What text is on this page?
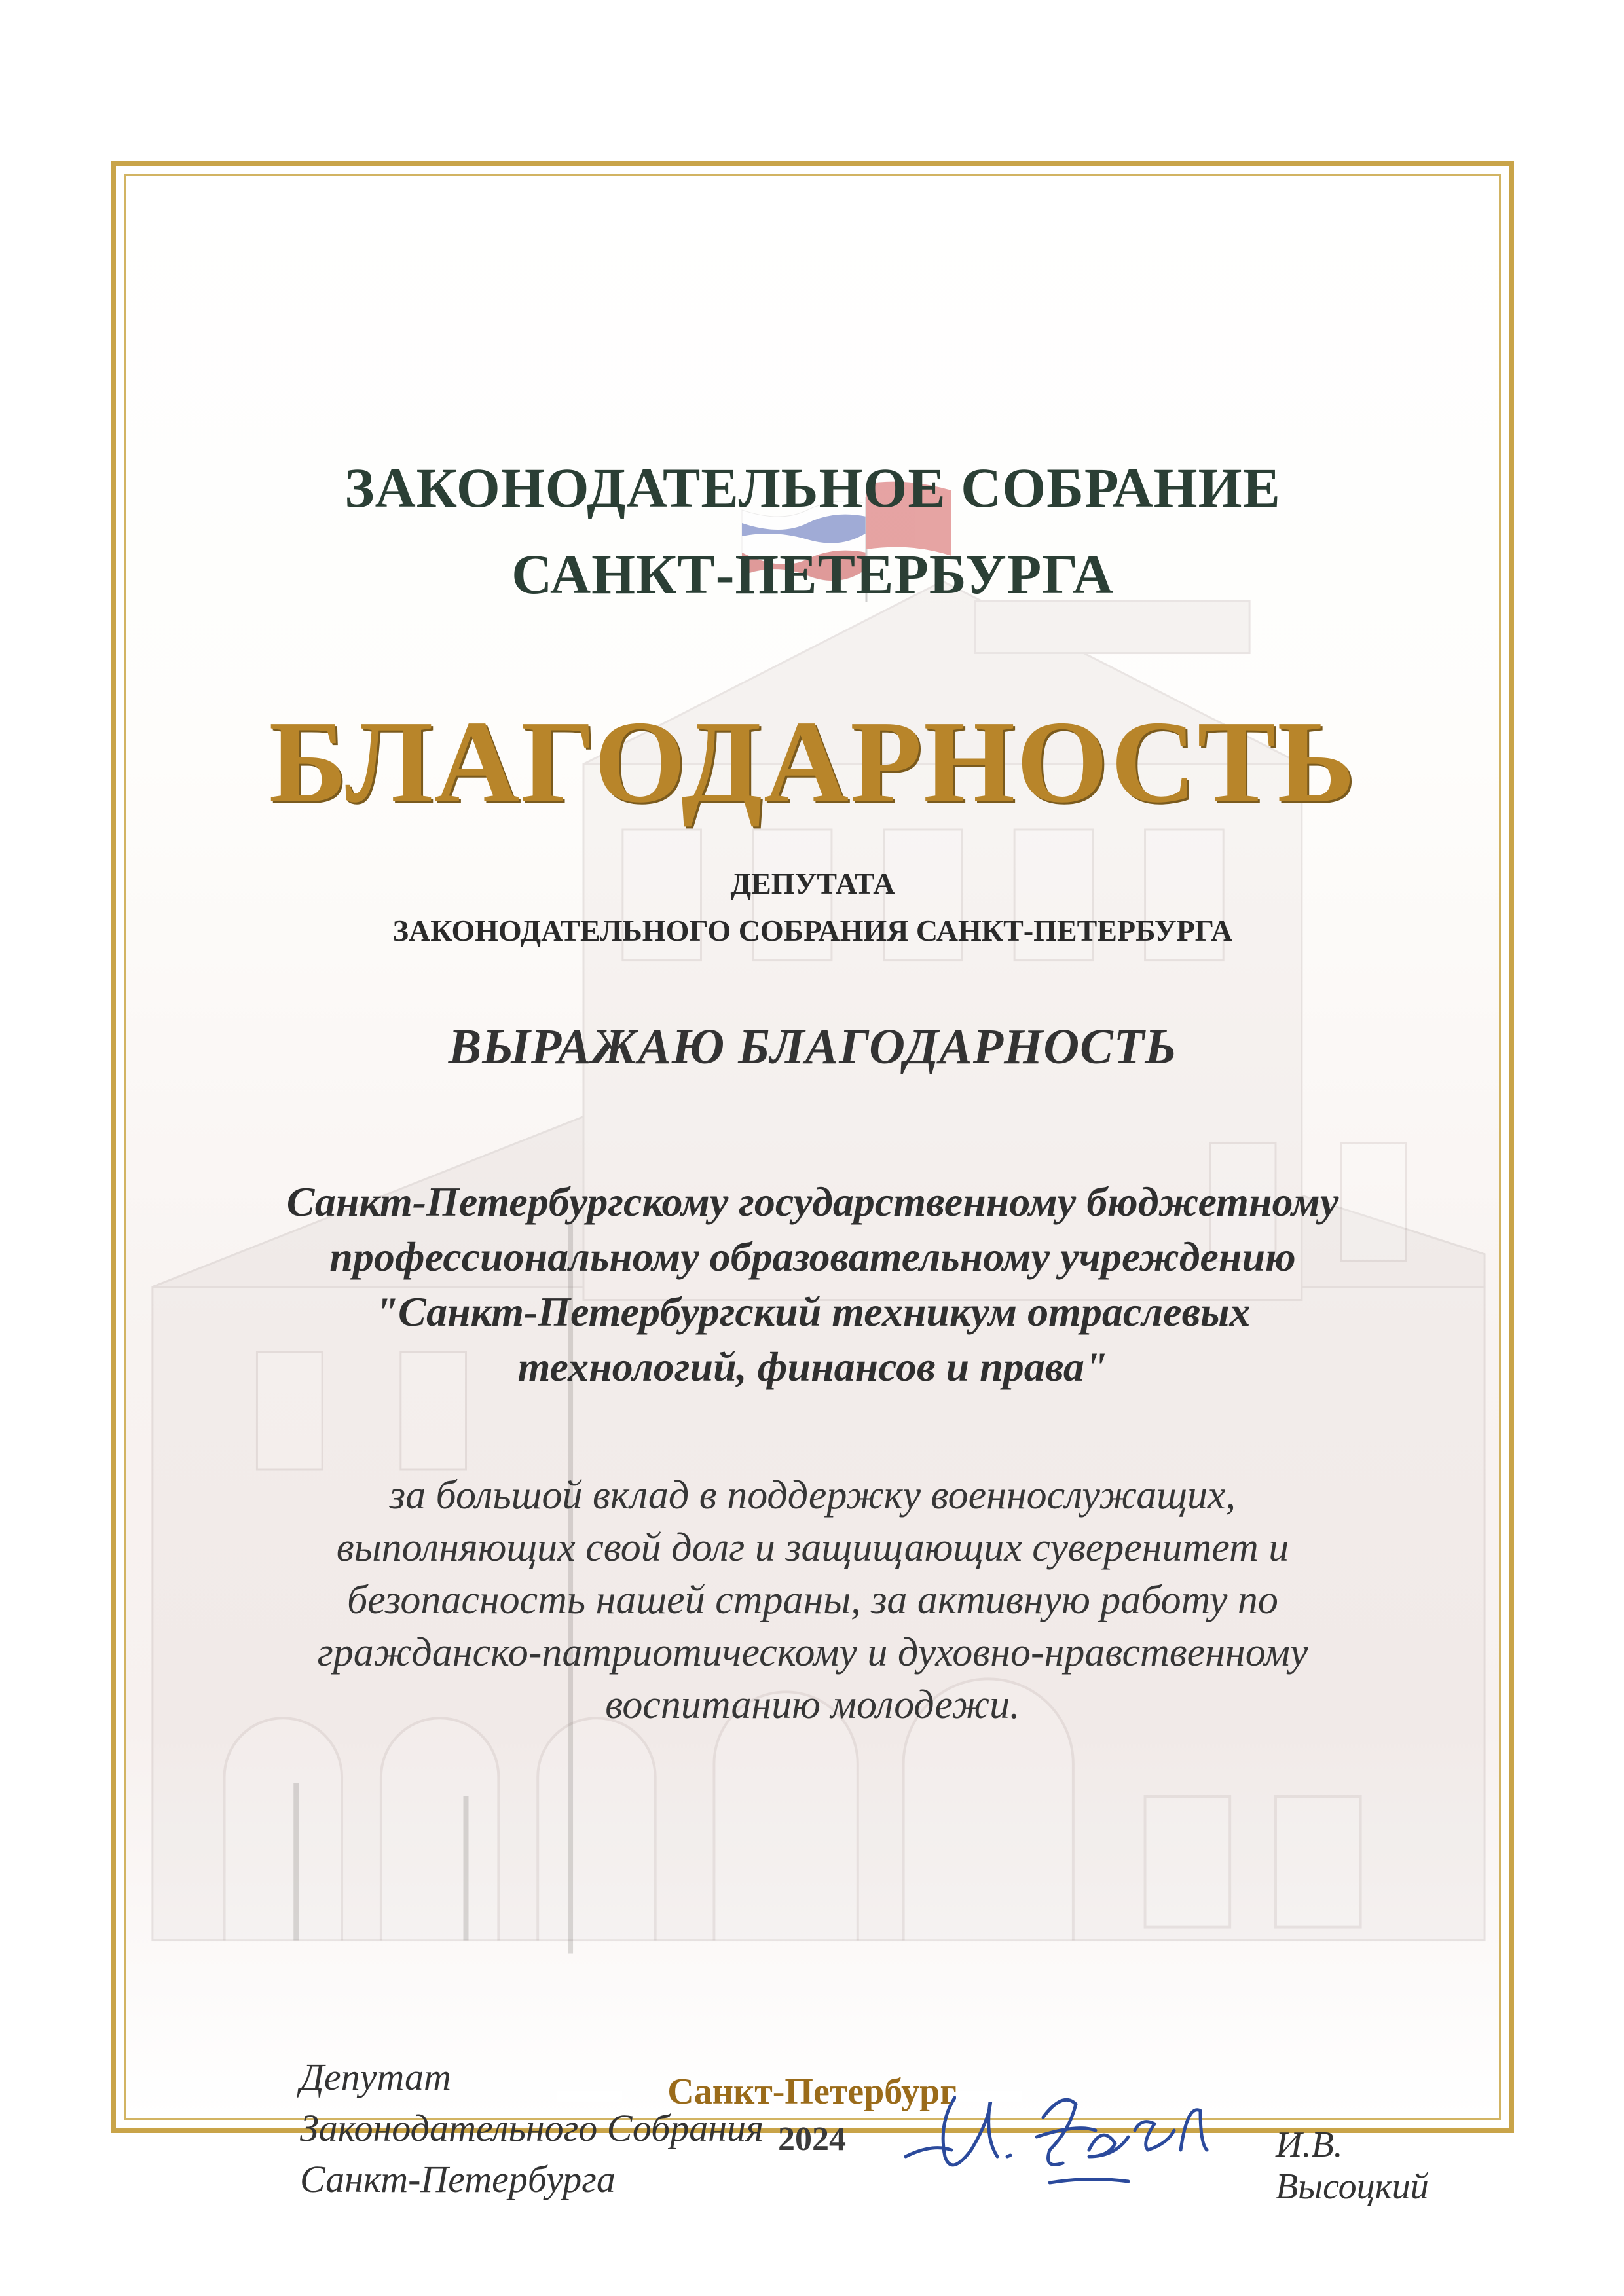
ЗАКОНОДАТЕЛЬНОЕ СОБРАНИЕ
САНКТ-ПЕТЕРБУРГА
БЛАГОДАРНОСТЬ
ДЕПУТАТА
ЗАКОНОДАТЕЛЬНОГО СОБРАНИЯ САНКТ-ПЕТЕРБУРГА
ВЫРАЖАЮ БЛАГОДАРНОСТЬ
Санкт-Петербургскому государственному бюджетному
профессиональному образовательному учреждению
"Санкт-Петербургский техникум отраслевых
технологий, финансов и права"
за большой вклад в поддержку военнослужащих,
выполняющих свой долг и защищающих суверенитет и
безопасность нашей страны, за активную работу по
гражданско-патриотическому и духовно-нравственному
воспитанию молодежи.
Депутат
Законодательного Собрания
Санкт-Петербурга
И.В. Высоцкий
Санкт-Петербург
2024
